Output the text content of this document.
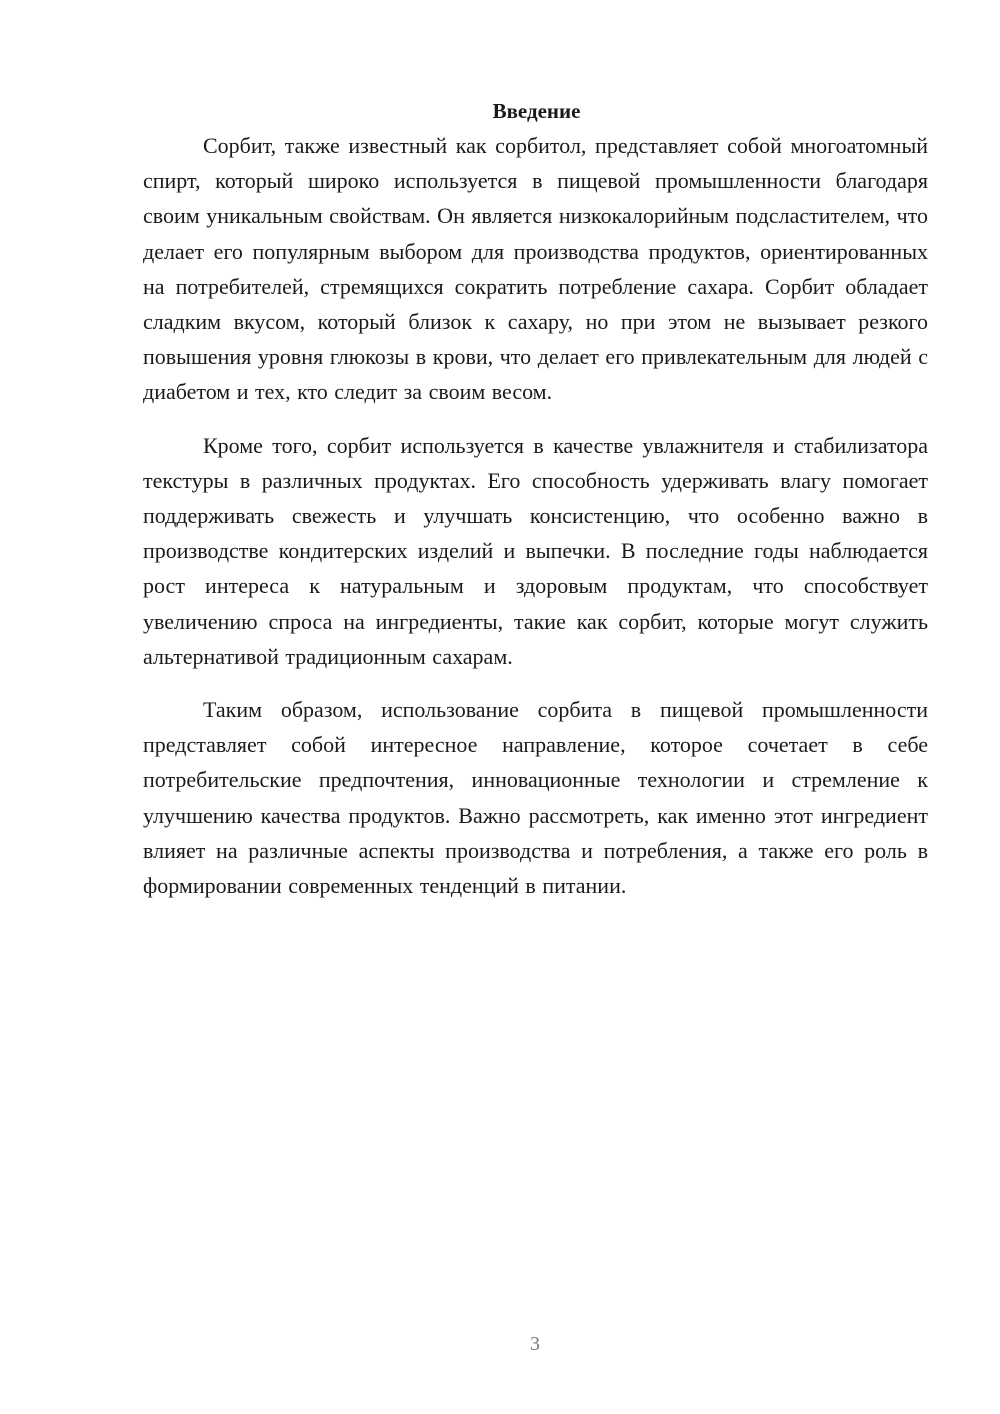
Введение

Сорбит, также известный как сорбитол, представляет собой многоатомный спирт, который широко используется в пищевой промышленности благодаря своим уникальным свойствам. Он является низкокалорийным подсластителем, что делает его популярным выбором для производства продуктов, ориентированных на потребителей, стремящихся сократить потребление сахара. Сорбит обладает сладким вкусом, который близок к сахару, но при этом не вызывает резкого повышения уровня глюкозы в крови, что делает его привлекательным для людей с диабетом и тех, кто следит за своим весом.

Кроме того, сорбит используется в качестве увлажнителя и стабилизатора текстуры в различных продуктах. Его способность удерживать влагу помогает поддерживать свежесть и улучшать консистенцию, что особенно важно в производстве кондитерских изделий и выпечки. В последние годы наблюдается рост интереса к натуральным и здоровым продуктам, что способствует увеличению спроса на ингредиенты, такие как сорбит, которые могут служить альтернативой традиционным сахарам.

Таким образом, использование сорбита в пищевой промышленности представляет собой интересное направление, которое сочетает в себе потребительские предпочтения, инновационные технологии и стремление к улучшению качества продуктов. Важно рассмотреть, как именно этот ингредиент влияет на различные аспекты производства и потребления, а также его роль в формировании современных тенденций в питании.

3
